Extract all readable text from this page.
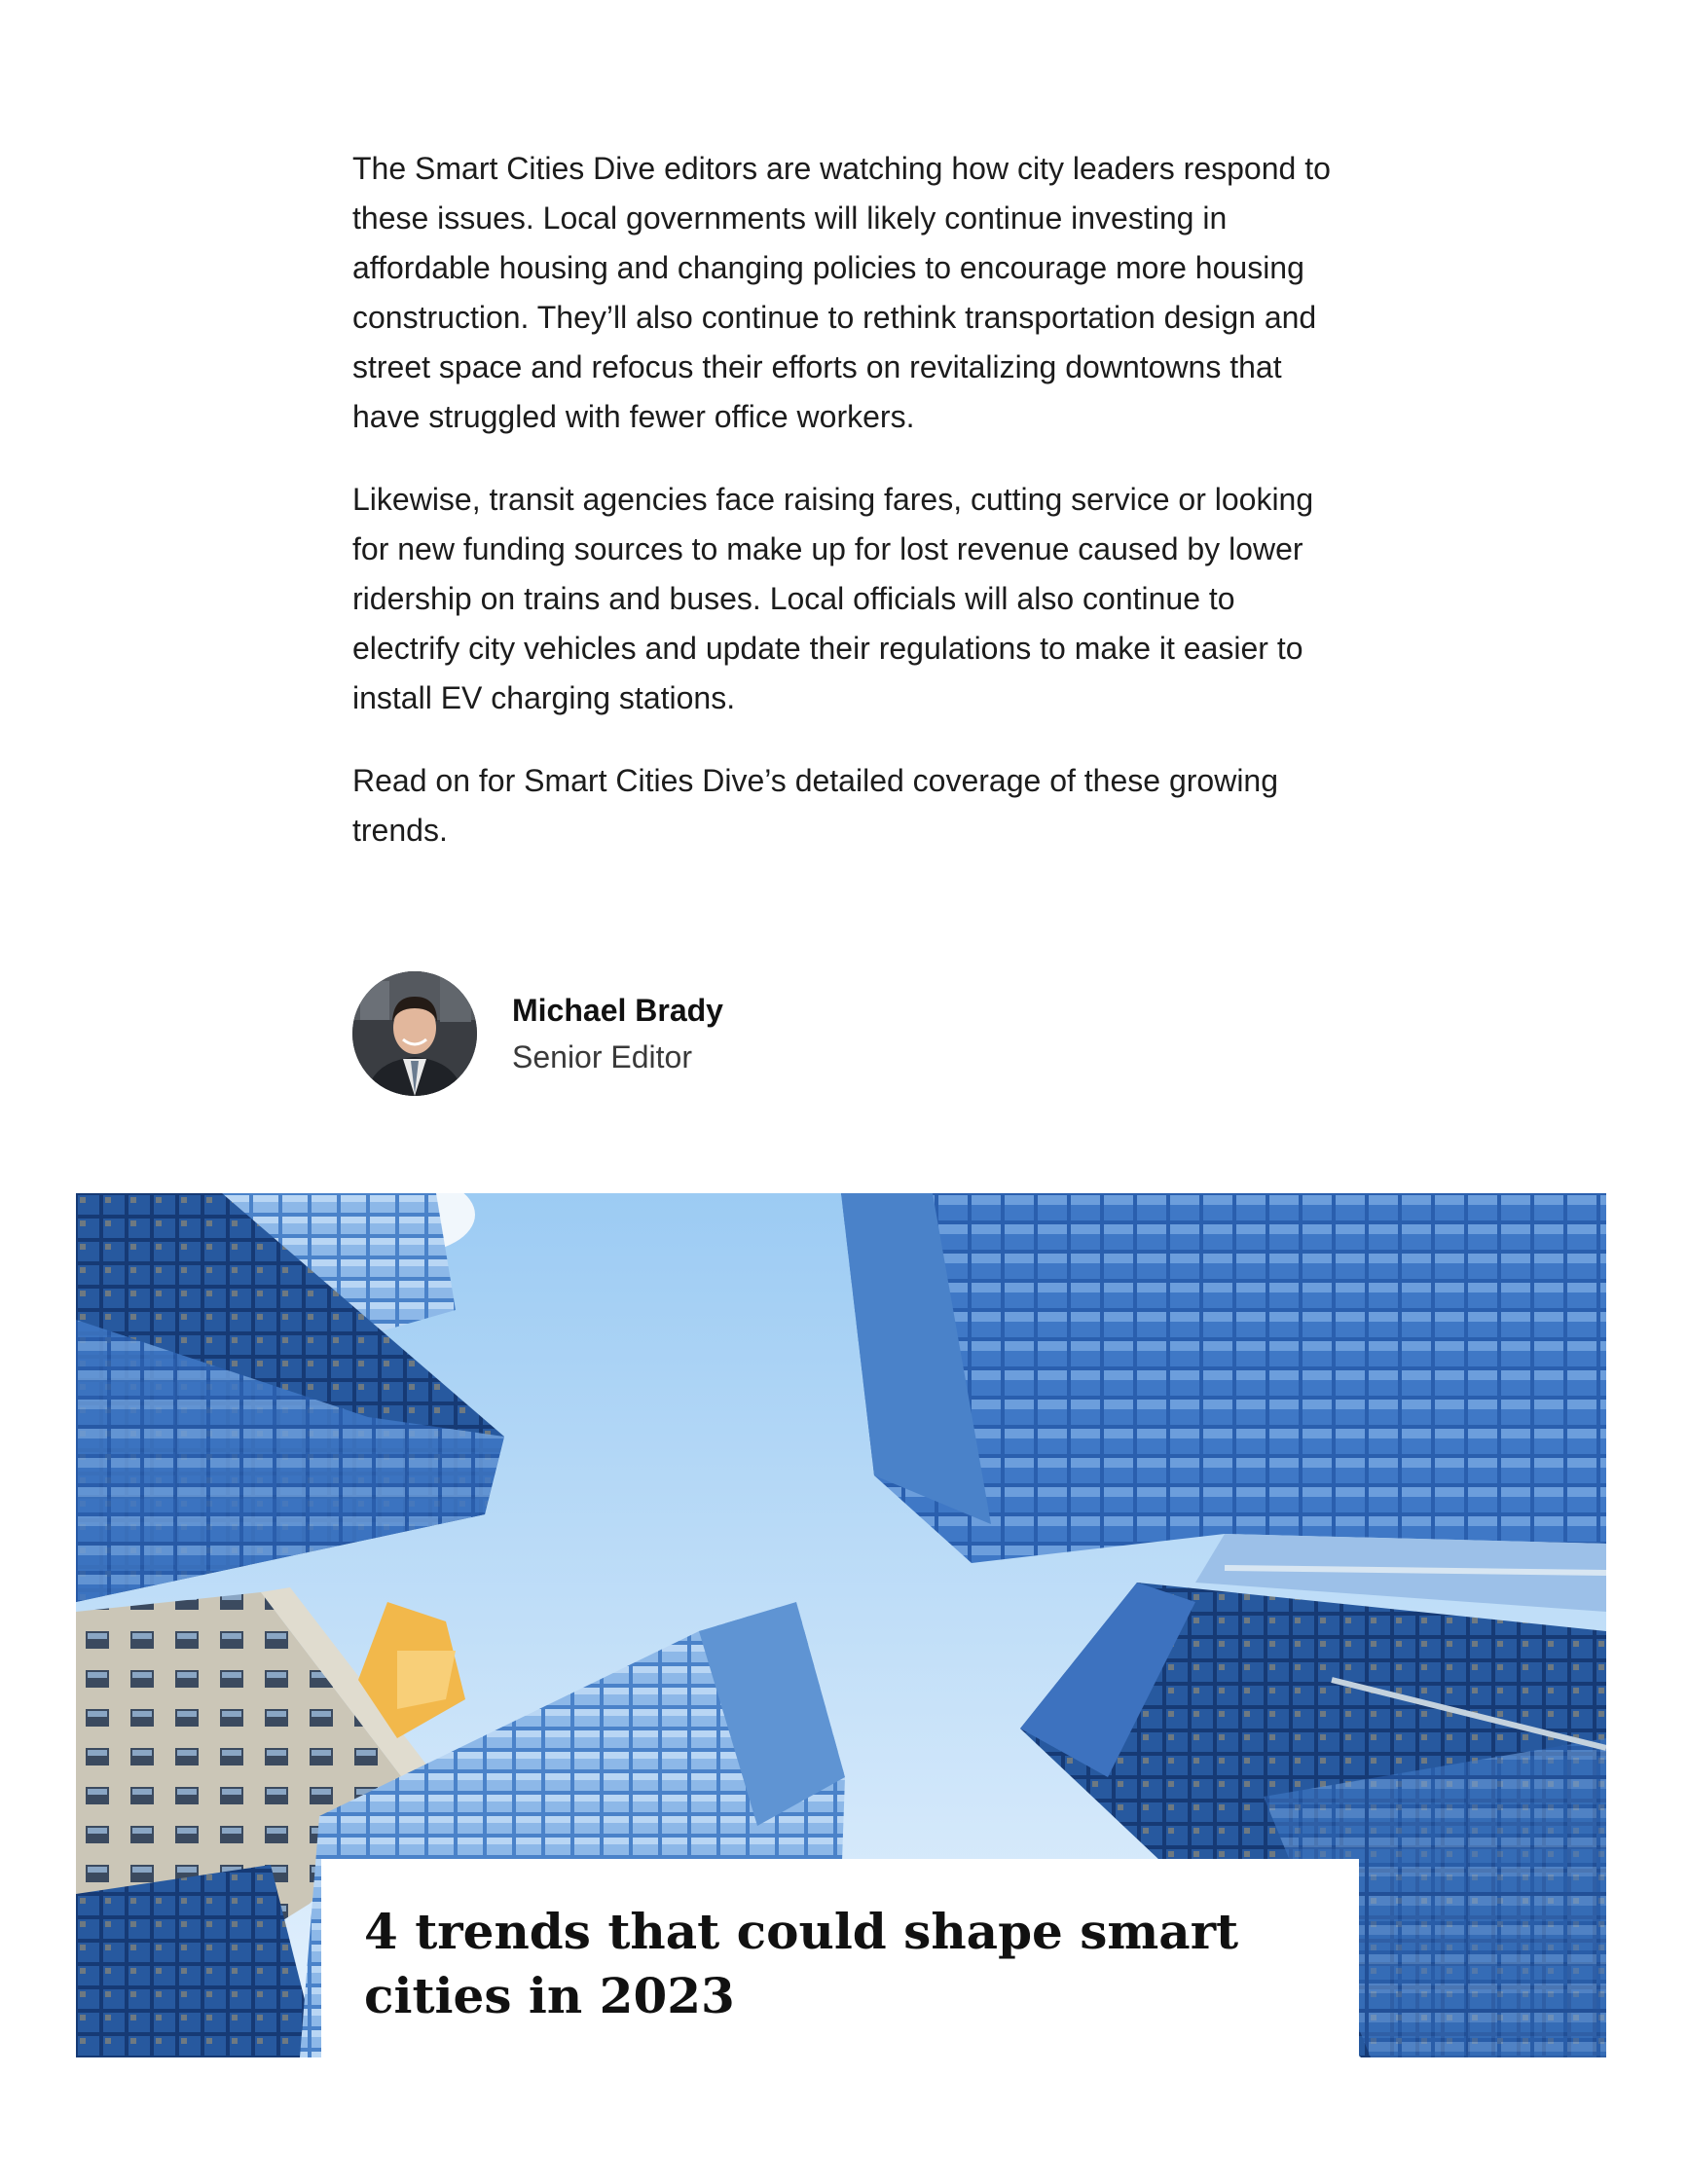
The Smart Cities Dive editors are watching how city leaders respond to these issues. Local governments will likely continue investing in affordable housing and changing policies to encourage more housing construction. They’ll also continue to rethink transportation design and street space and refocus their efforts on revitalizing downtowns that have struggled with fewer office workers.

Likewise, transit agencies face raising fares, cutting service or looking for new funding sources to make up for lost revenue caused by lower ridership on trains and buses. Local officials will also continue to electrify city vehicles and update their regulations to make it easier to install EV charging stations.

Read on for Smart Cities Dive’s detailed coverage of these growing trends.

Michael Brady
Senior Editor
4 trends that could shape smart cities in 2023
